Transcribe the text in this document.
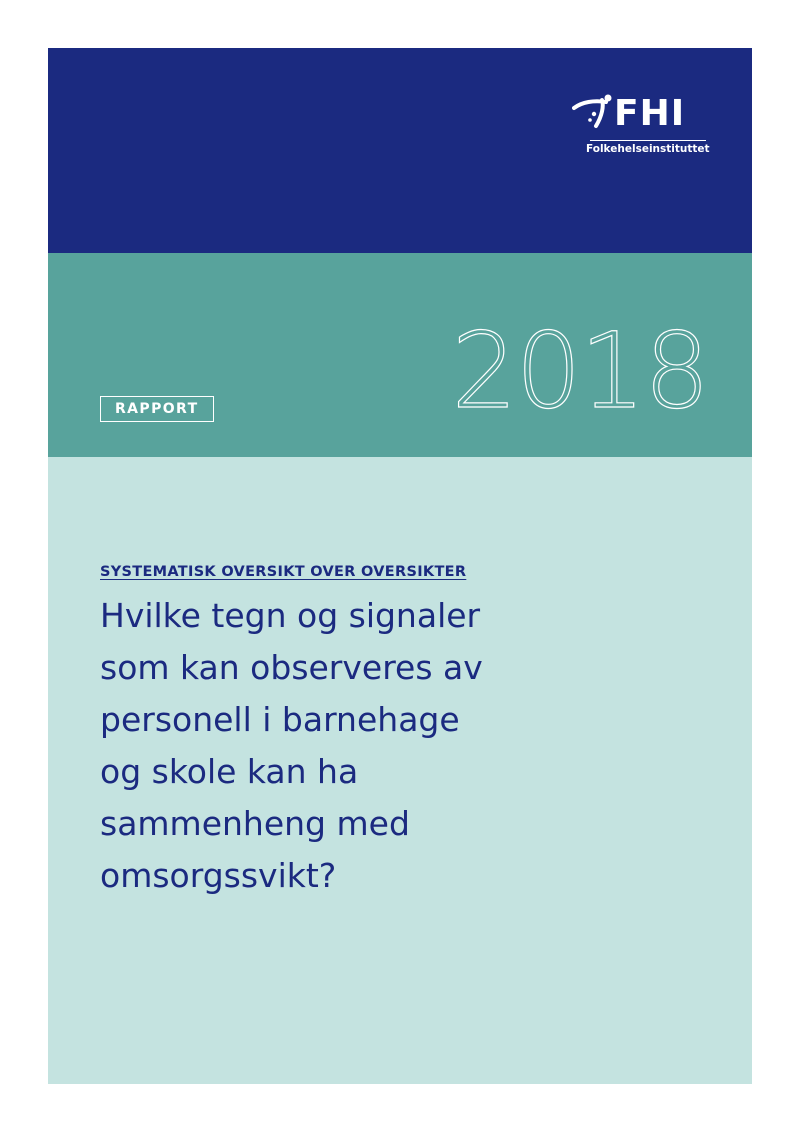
FHI
Folkehelseinstituttet
2018
RAPPORT
SYSTEMATISK OVERSIKT OVER OVERSIKTER
Hvilke tegn og signaler
som kan observeres av
personell i barnehage
og skole kan ha
sammenheng med
omsorgssvikt?
